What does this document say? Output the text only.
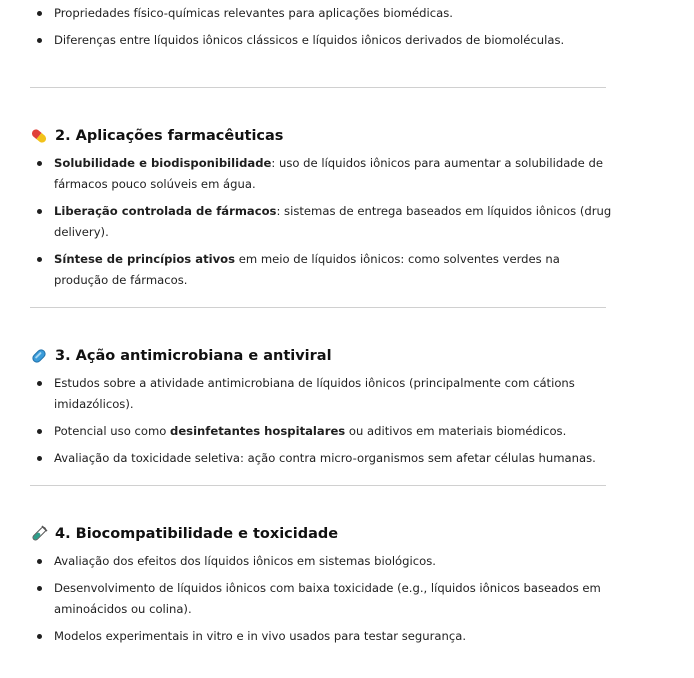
Propriedades físico-químicas relevantes para aplicações biomédicas.
Diferenças entre líquidos iônicos clássicos e líquidos iônicos derivados de biomoléculas.
2. Aplicações farmacêuticas
Solubilidade e biodisponibilidade: uso de líquidos iônicos para aumentar a solubilidade de fármacos pouco solúveis em água.
Liberação controlada de fármacos: sistemas de entrega baseados em líquidos iônicos (drug delivery).
Síntese de princípios ativos em meio de líquidos iônicos: como solventes verdes na produção de fármacos.
3. Ação antimicrobiana e antiviral
Estudos sobre a atividade antimicrobiana de líquidos iônicos (principalmente com cátions imidazólicos).
Potencial uso como desinfetantes hospitalares ou aditivos em materiais biomédicos.
Avaliação da toxicidade seletiva: ação contra micro-organismos sem afetar células humanas.
4. Biocompatibilidade e toxicidade
Avaliação dos efeitos dos líquidos iônicos em sistemas biológicos.
Desenvolvimento de líquidos iônicos com baixa toxicidade (e.g., líquidos iônicos baseados em aminoácidos ou colina).
Modelos experimentais in vitro e in vivo usados para testar segurança.
